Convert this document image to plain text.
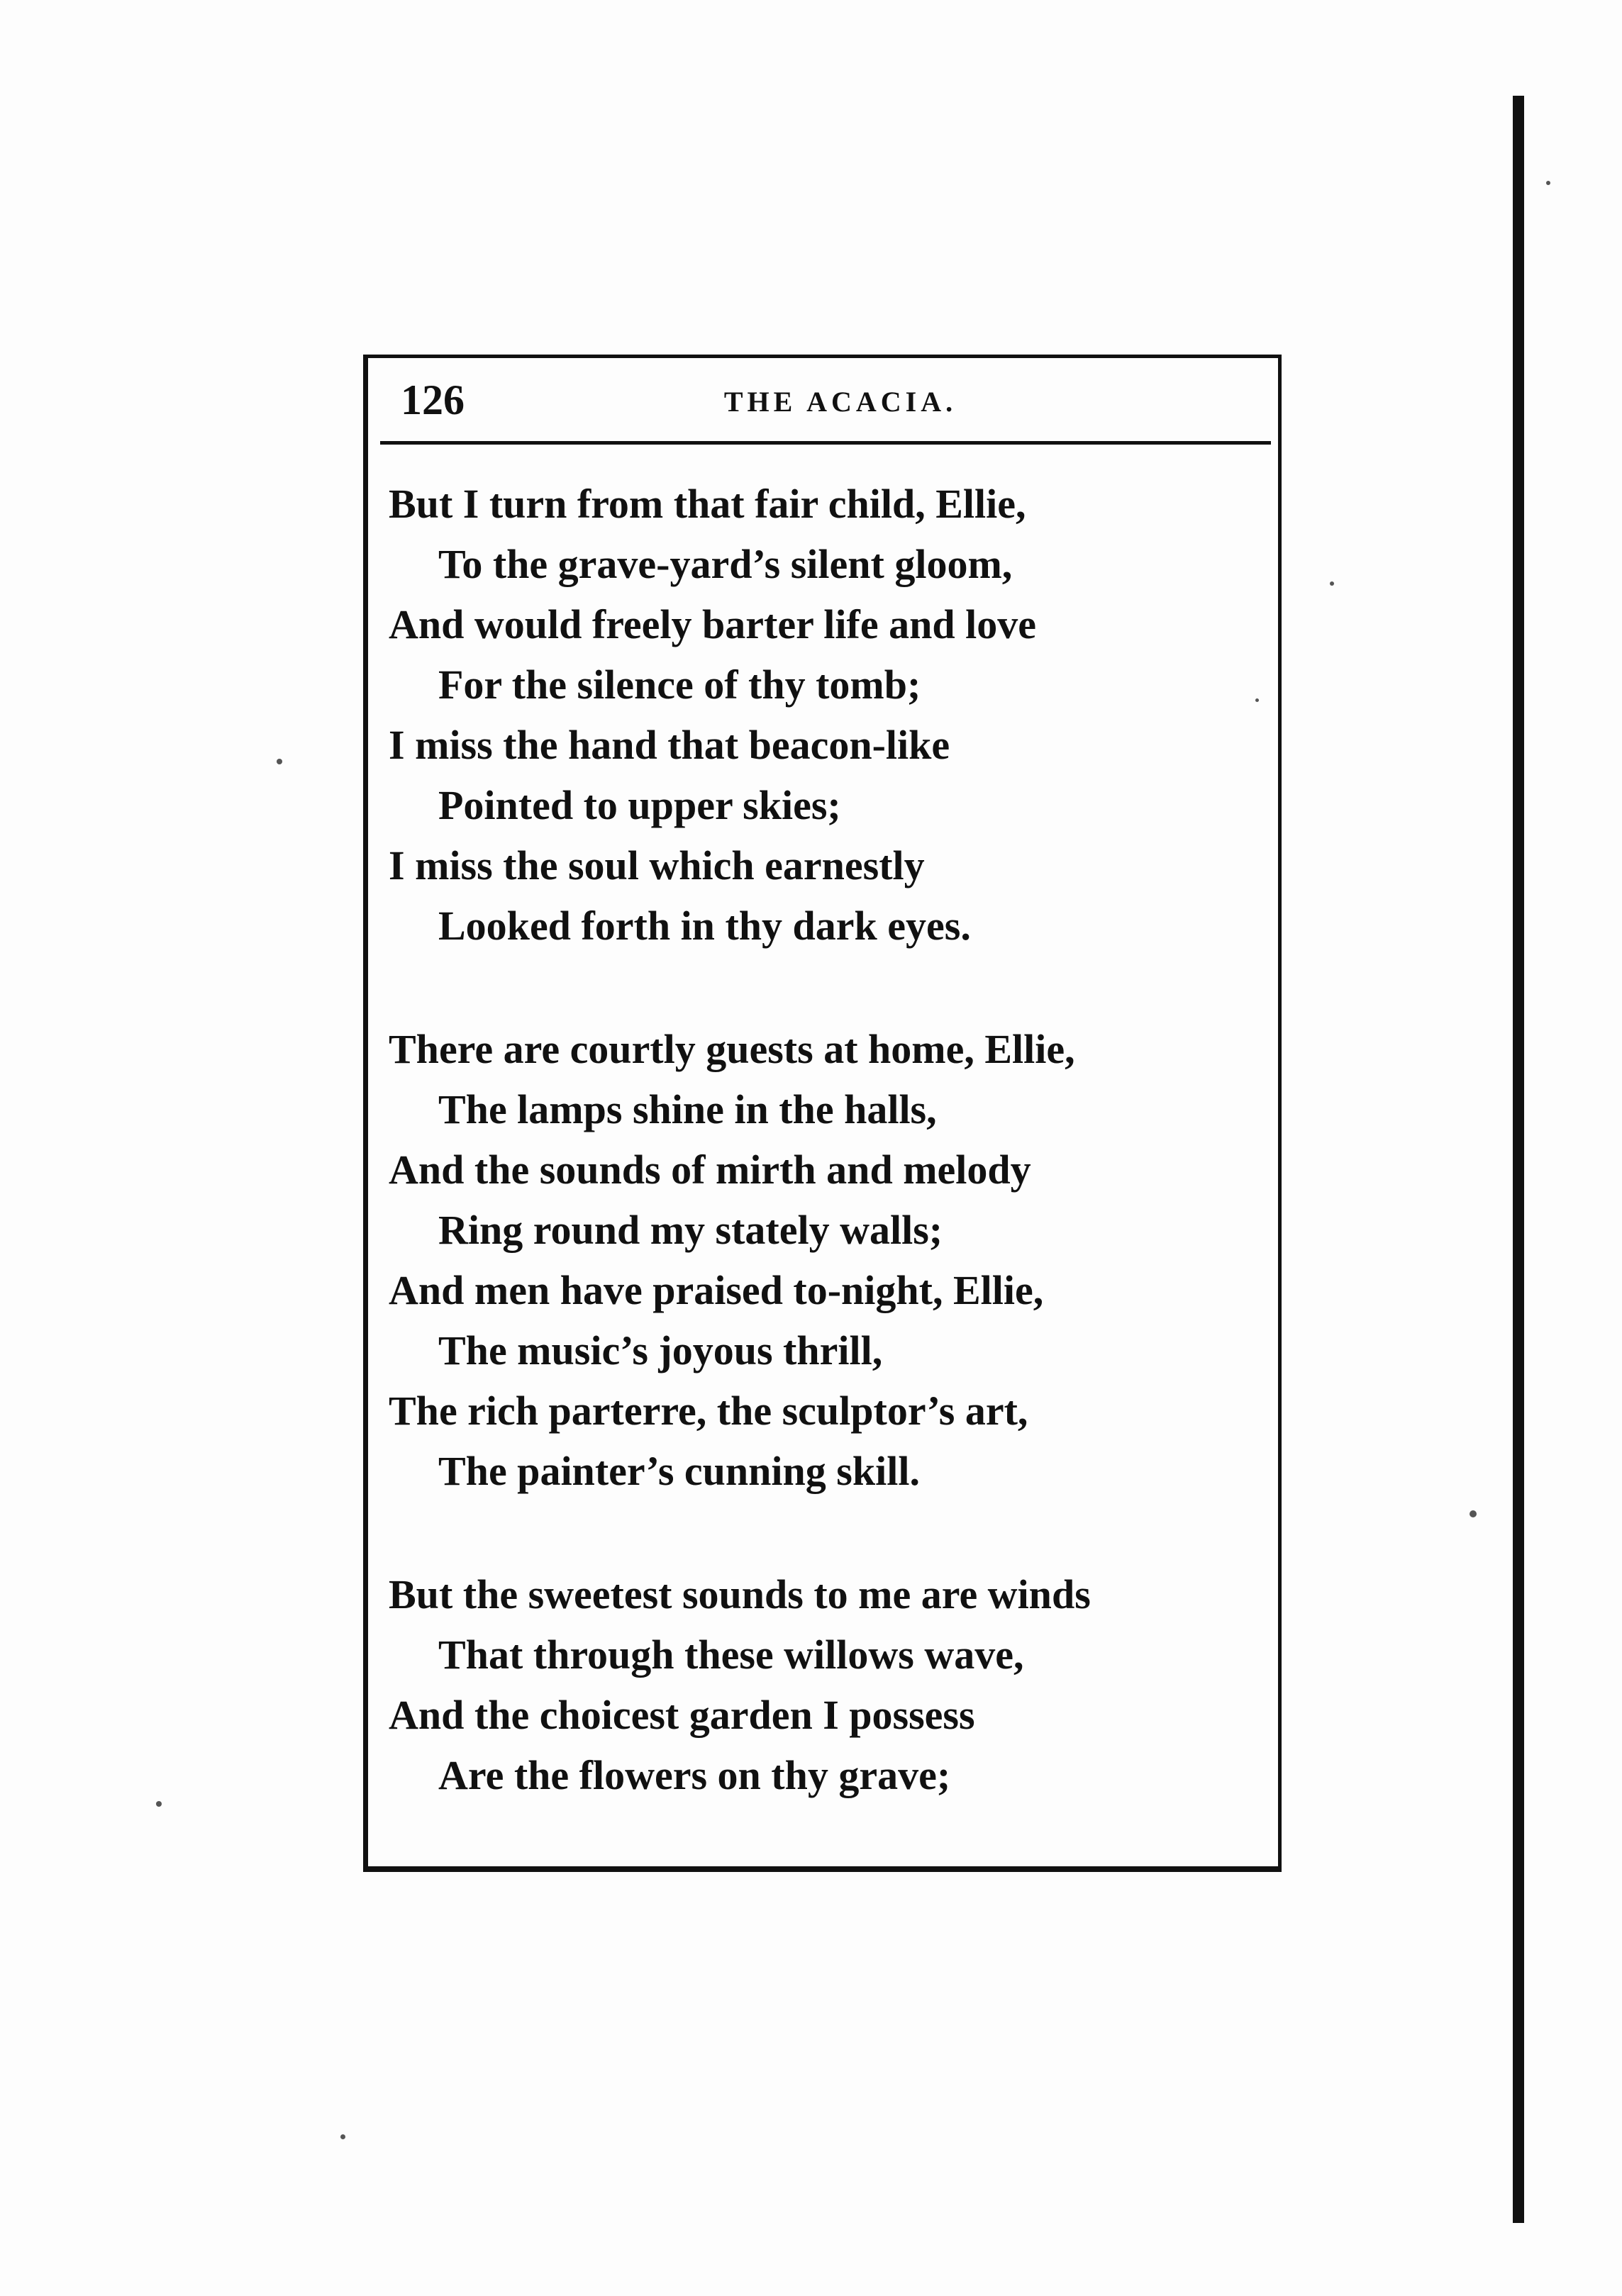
126	THE ACACIA.
But I turn from that fair child, Ellie,
To the grave-yard’s silent gloom,
And would freely barter life and love
For the silence of thy tomb;
I miss the hand that beacon-like
Pointed to upper skies;
I miss the soul which earnestly
Looked forth in thy dark eyes.
There are courtly guests at home, Ellie,
The lamps shine in the halls,
And the sounds of mirth and melody
Ring round my stately walls;
And men have praised to-night, Ellie,
The music’s joyous thrill,
The rich parterre, the sculptor’s art,
The painter’s cunning skill.
But the sweetest sounds to me are winds
That through these willows wave,
And the choicest garden I possess
Are the flowers on thy grave;
